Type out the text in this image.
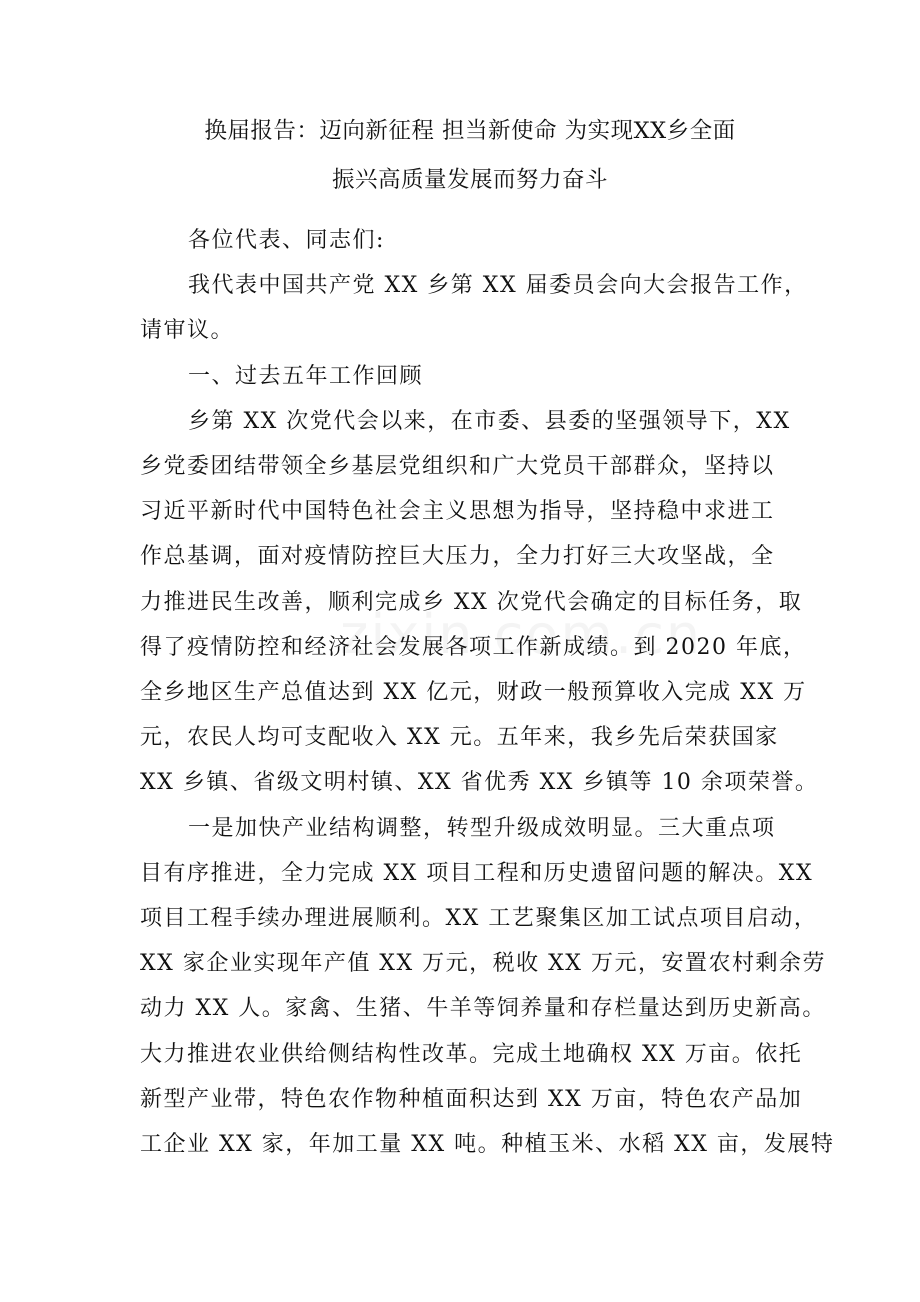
换届报告：迈向新征程 担当新使命 为实现XX乡全面
振兴高质量发展而努力奋斗
各位代表、同志们:
我代表中国共产党 XX 乡第 XX 届委员会向大会报告工作，
请审议。
一、过去五年工作回顾
乡第 XX 次党代会以来，在市委、县委的坚强领导下，XX
乡党委团结带领全乡基层党组织和广大党员干部群众，坚持以
习近平新时代中国特色社会主义思想为指导，坚持稳中求进工
作总基调，面对疫情防控巨大压力，全力打好三大攻坚战，全
力推进民生改善，顺利完成乡 XX 次党代会确定的目标任务，取
得了疫情防控和经济社会发展各项工作新成绩。到 2020 年底，
全乡地区生产总值达到 XX 亿元，财政一般预算收入完成 XX 万
元，农民人均可支配收入 XX 元。五年来，我乡先后荣获国家
XX 乡镇、省级文明村镇、XX 省优秀 XX 乡镇等 10 余项荣誉。
一是加快产业结构调整，转型升级成效明显。三大重点项
目有序推进，全力完成 XX 项目工程和历史遗留问题的解决。XX
项目工程手续办理进展顺利。XX 工艺聚集区加工试点项目启动，
XX 家企业实现年产值 XX 万元，税收 XX 万元，安置农村剩余劳
动力 XX 人。家禽、生猪、牛羊等饲养量和存栏量达到历史新高。
大力推进农业供给侧结构性改革。完成土地确权 XX 万亩。依托
新型产业带，特色农作物种植面积达到 XX 万亩，特色农产品加
工企业 XX 家，年加工量 XX 吨。种植玉米、水稻 XX 亩，发展特
